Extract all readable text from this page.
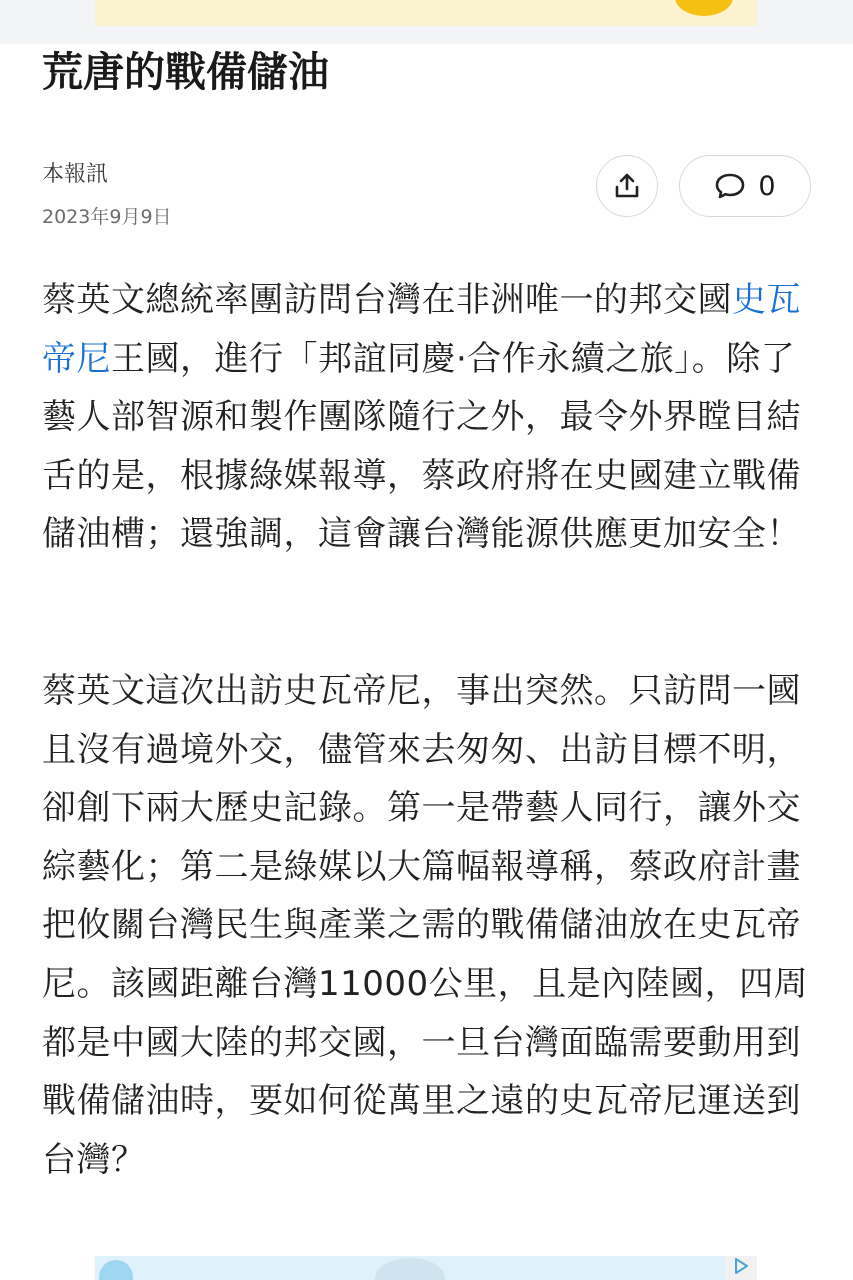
荒唐的戰備儲油
本報訊
2023年9月9日
0

蔡英文總統率團訪問台灣在非洲唯一的邦交國史瓦帝尼王國，進行「邦誼同慶·合作永續之旅」。除了藝人部智源和製作團隊隨行之外，最令外界瞠目結舌的是，根據綠媒報導，蔡政府將在史國建立戰備儲油槽；還強調，這會讓台灣能源供應更加安全！

蔡英文這次出訪史瓦帝尼，事出突然。只訪問一國且沒有過境外交，儘管來去匆匆、出訪目標不明，卻創下兩大歷史記錄。第一是帶藝人同行，讓外交綜藝化；第二是綠媒以大篇幅報導稱，蔡政府計畫把攸關台灣民生與產業之需的戰備儲油放在史瓦帝尼。該國距離台灣11000公里，且是內陸國，四周都是中國大陸的邦交國，一旦台灣面臨需要動用到戰備儲油時，要如何從萬里之遠的史瓦帝尼運送到台灣？
